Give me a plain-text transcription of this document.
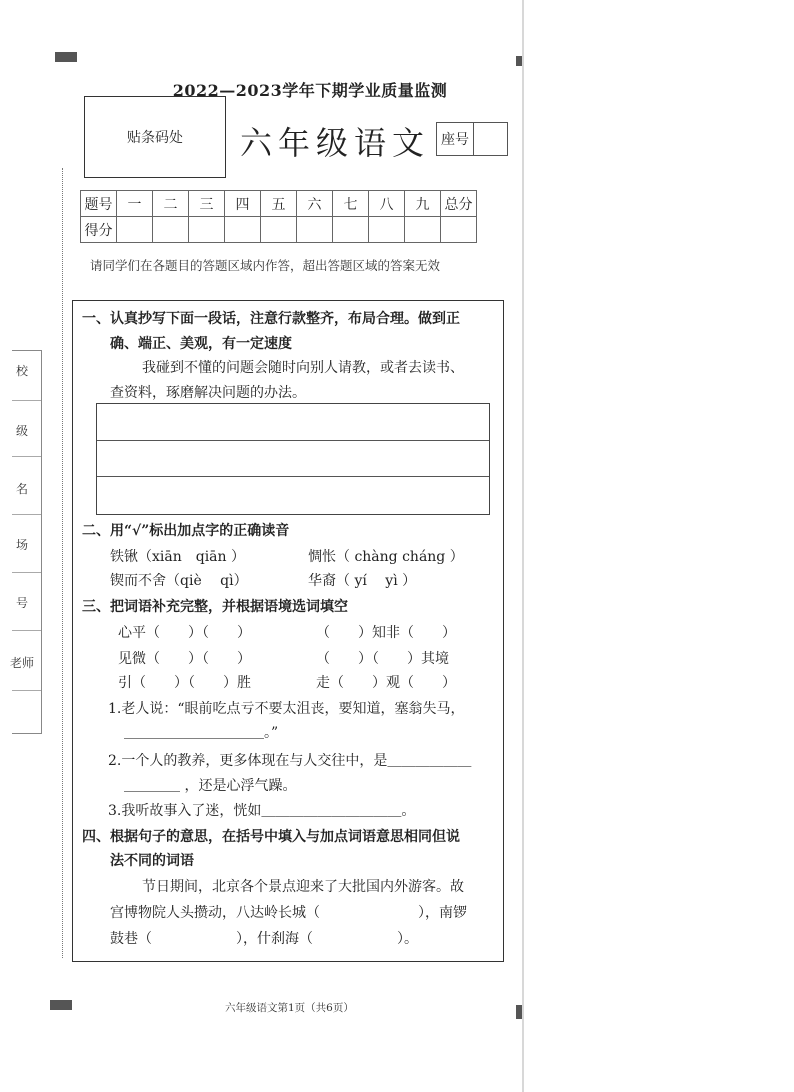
2022—2023学年下期学业质量监测
贴条码处 六年级语文 座号
题号	一	二	三	四	五	六	七	八	九	总分
得分										
请同学们在各题目的答题区域内作答，超出答题区域的答案无效
校
级
名
场
号
老师
一、认真抄写下面一段话，注意行款整齐，布局合理。做到正
确、端正、美观，有一定速度
我碰到不懂的问题会随时向别人请教，或者去读书、
查资料，琢磨解决问题的办法。
二、用“√”标出加点字的正确读音
铁锹（xiān　qiān ）	惆怅（ chàng cháng ）
锲而不舍（qiè　 qì）	华裔（ yí　 yì ）
三、把词语补充完整，并根据语境选词填空
心平（　　）（　　）	（　　）知非（　　）
见微（　　）（　　）	（　　）（　　）其境
引（　　）（　　）胜	走（　　）观（　　）
1.老人说：“眼前吃点亏不要太沮丧，要知道，塞翁失马，
＿＿＿＿＿＿＿＿＿＿。”
2.一个人的教养，更多体现在与人交往中，是＿＿＿＿＿＿
＿＿＿＿ ，还是心浮气躁。
3.我听故事入了迷，恍如＿＿＿＿＿＿＿＿＿＿。
四、根据句子的意思，在括号中填入与加点词语意思相同但说
法不同的词语
节日期间，北京各个景点迎来了大批国内外游客。故
宫博物院人头攒动，八达岭长城（　　　　　　　），南锣
鼓巷（　　　　　　），什刹海（　　　　　　）。
六年级语文第1页（共6页）
